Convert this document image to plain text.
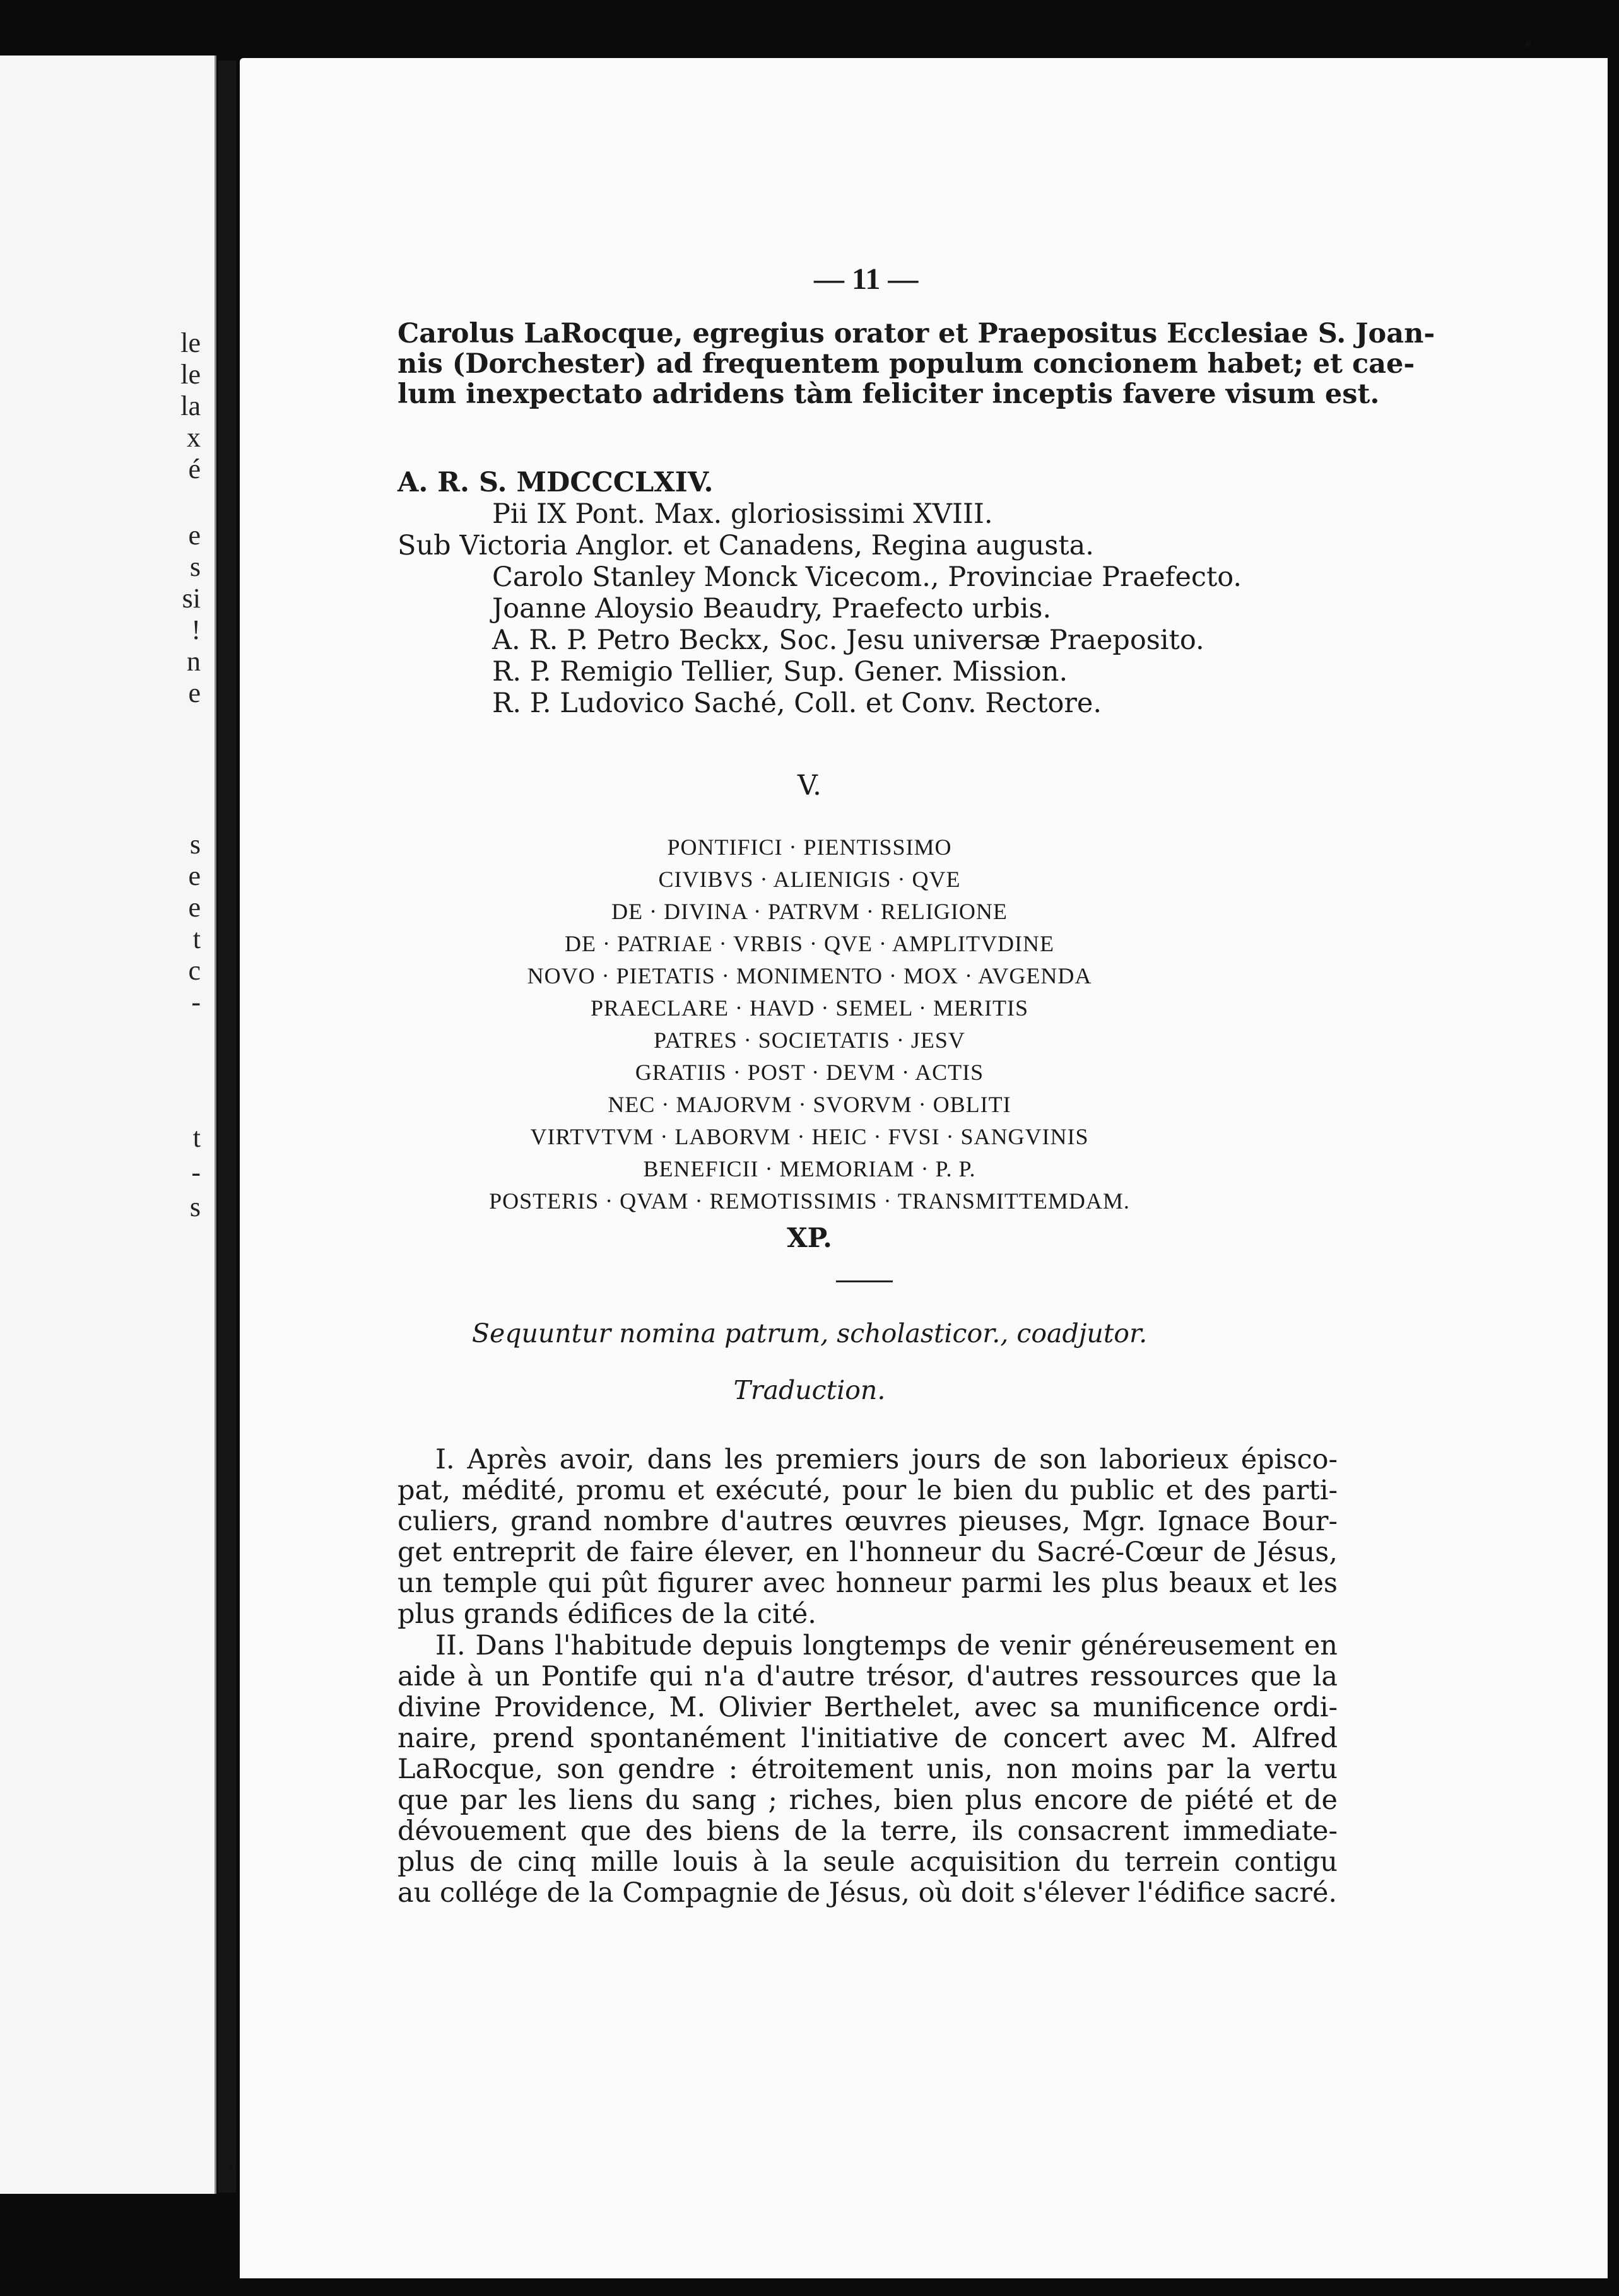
le
le
la
x
é
e
s
si
!
n
e
s
e
e
t
c
-
t
-
s
— 11 —
Carolus LaRocque, egregius orator et Praepositus Ecclesiae S. Joan-
nis (Dorchester) ad frequentem populum concionem habet; et cae-
lum inexpectato adridens tàm feliciter inceptis favere visum est.
A. R. S. MDCCCLXIV.
Pii IX Pont. Max. gloriosissimi XVIII.
Sub Victoria Anglor. et Canadens, Regina augusta.
Carolo Stanley Monck Vicecom., Provinciae Praefecto.
Joanne Aloysio Beaudry, Praefecto urbis.
A. R. P. Petro Beckx, Soc. Jesu universæ Praeposito.
R. P. Remigio Tellier, Sup. Gener. Mission.
R. P. Ludovico Saché, Coll. et Conv. Rectore.
V.
PONTIFICI · PIENTISSIMO
CIVIBVS · ALIENIGIS · QVE
DE · DIVINA · PATRVM · RELIGIONE
DE · PATRIAE · VRBIS · QVE · AMPLITVDINE
NOVO · PIETATIS · MONIMENTO · MOX · AVGENDA
PRAECLARE · HAVD · SEMEL · MERITIS
PATRES · SOCIETATIS · JESV
GRATIIS · POST · DEVM · ACTIS
NEC · MAJORVM · SVORVM · OBLITI
VIRTVTVM · LABORVM · HEIC · FVSI · SANGVINIS
BENEFICII · MEMORIAM · P. P.
POSTERIS · QVAM · REMOTISSIMIS · TRANSMITTEMDAM.
XP.
Sequuntur nomina patrum, scholasticor., coadjutor.
Traduction.
I. Après avoir, dans les premiers jours de son laborieux épisco-
pat, médité, promu et exécuté, pour le bien du public et des parti-
culiers, grand nombre d'autres œuvres pieuses, Mgr. Ignace Bour-
get entreprit de faire élever, en l'honneur du Sacré-Cœur de Jésus,
un temple qui pût figurer avec honneur parmi les plus beaux et les
plus grands édifices de la cité.
II. Dans l'habitude depuis longtemps de venir généreusement en
aide à un Pontife qui n'a d'autre trésor, d'autres ressources que la
divine Providence, M. Olivier Berthelet, avec sa munificence ordi-
naire, prend spontanément l'initiative de concert avec M. Alfred
LaRocque, son gendre : étroitement unis, non moins par la vertu
que par les liens du sang ; riches, bien plus encore de piété et de
dévouement que des biens de la terre, ils consacrent immediate-
plus de cinq mille louis à la seule acquisition du terrein contigu
au collége de la Compagnie de Jésus, où doit s'élever l'édifice sacré.
